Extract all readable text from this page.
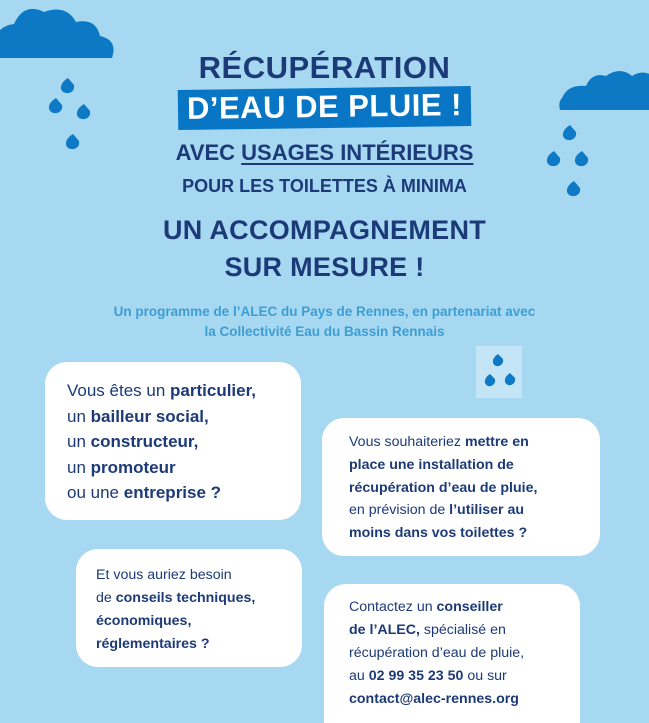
RÉCUPÉRATION
D’EAU DE PLUIE !
AVEC USAGES INTÉRIEURS
POUR LES TOILETTES À MINIMA
UN ACCOMPAGNEMENT
SUR MESURE !
Un programme de l’ALEC du Pays de Rennes, en partenariat avec
la Collectivité Eau du Bassin Rennais
Vous êtes un particulier,
un bailleur social,
un constructeur,
un promoteur
ou une entreprise ?
Vous souhaiteriez mettre en
place une installation de
récupération d’eau de pluie,
en prévision de l’utiliser au
moins dans vos toilettes ?
Et vous auriez besoin
de conseils techniques,
économiques,
réglementaires ?
Contactez un conseiller
de l’ALEC, spécialisé en
récupération d’eau de pluie,
au 02 99 35 23 50 ou sur
contact@alec-rennes.org
